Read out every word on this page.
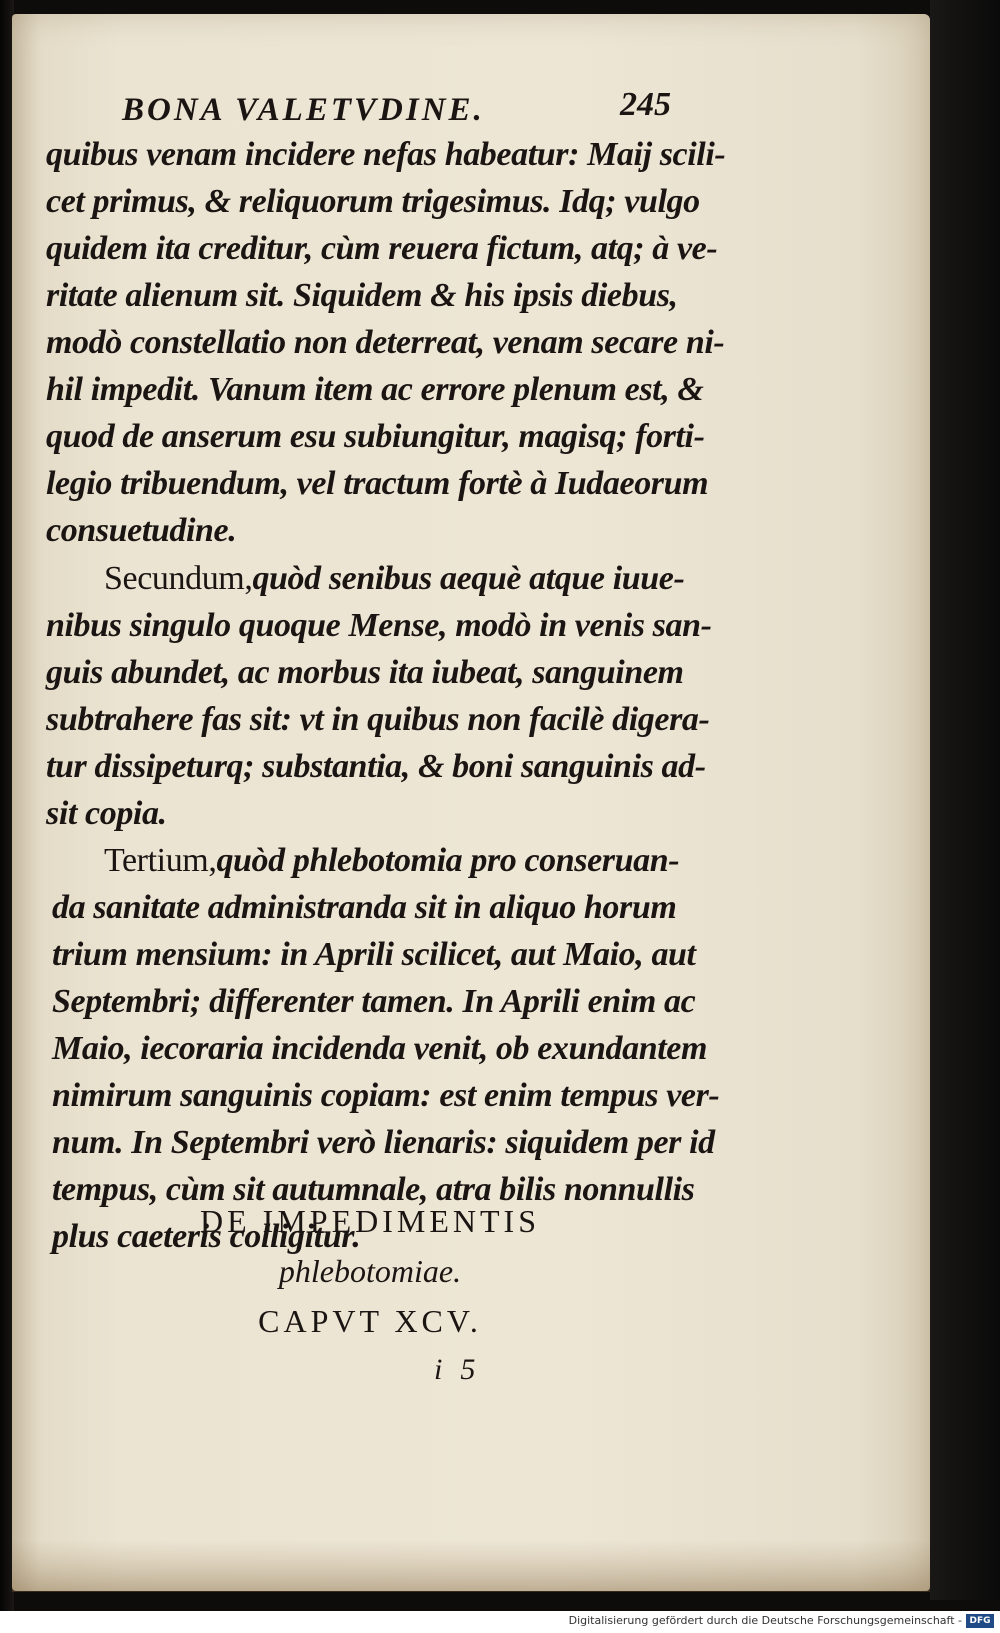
BONA VALETVDINE.	245
quibus venam incidere nefas habeatur: Maij scili-
cet primus, & reliquorum trigesimus. Idq; vulgo
quidem ita creditur, cùm reuera fictum, atq; à ve-
ritate alienum sit. Siquidem & his ipsis diebus,
modò constellatio non deterreat, venam secare ni-
hil impedit. Vanum item ac errore plenum est, &
quod de anserum esu subiungitur, magisq; forti-
legio tribuendum, vel tractum fortè à Iudaeorum
consuetudine.
Secundum,quòd senibus aequè atque iuue-
nibus singulo quoque Mense, modò in venis san-
guis abundet, ac morbus ita iubeat, sanguinem
subtrahere fas sit: vt in quibus non facilè digera-
tur dissipeturq; substantia, & boni sanguinis ad-
sit copia.
Tertium,quòd phlebotomia pro conseruan-
da sanitate administranda sit in aliquo horum
trium mensium: in Aprili scilicet, aut Maio, aut
Septembri; differenter tamen. In Aprili enim ac
Maio, iecoraria incidenda venit, ob exundantem
nimirum sanguinis copiam: est enim tempus ver-
num. In Septembri verò lienaris: siquidem per id
tempus, cùm sit autumnale, atra bilis nonnullis
plus caeteris colligitur.
DE IMPEDIMENTIS
phlebotomiae.
CAPVT XCV.
i5
Digitalisierung gefördert durch die Deutsche Forschungsgemeinschaft - DFG
